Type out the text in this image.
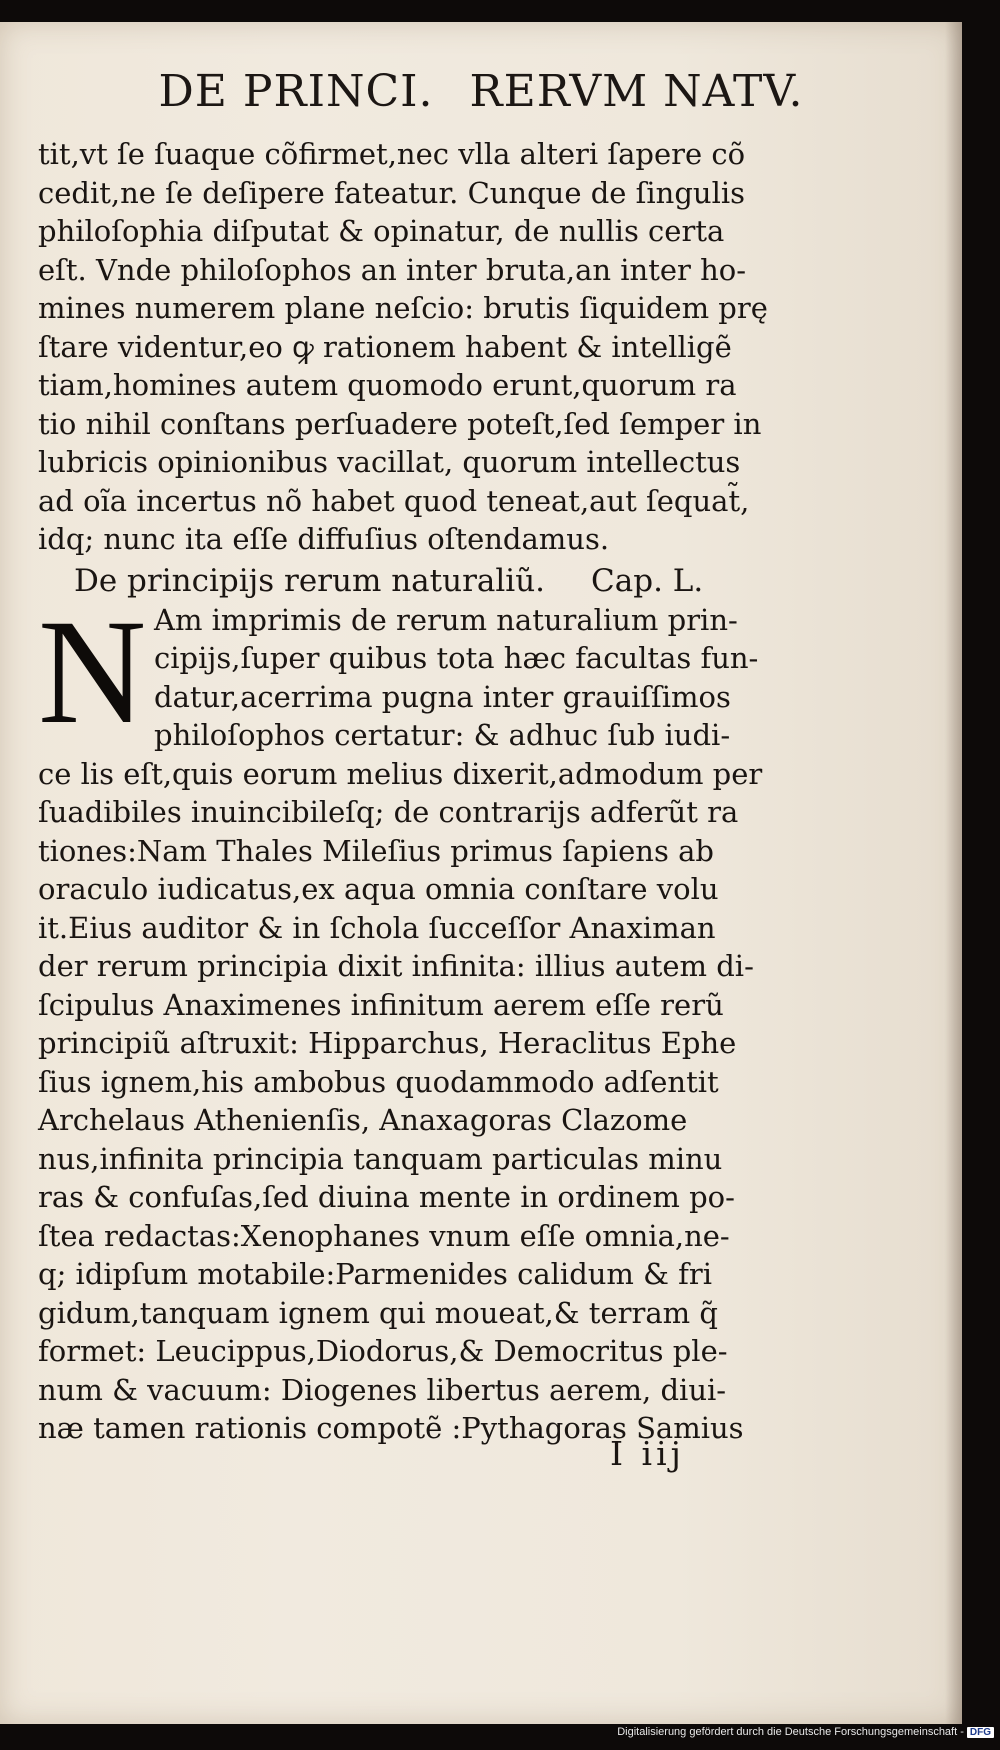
DE PRINCI. RERVM NATV.
tit,vt ſe ſuaque cõfirmet,nec vlla alteri ſapere cõ
cedit,ne ſe deſipere fateatur. Cunque de ſingulis
philoſophia diſputat & opinatur, de nullis certa
eſt. Vnde philoſophos an inter bruta,an inter ho-
mines numerem plane neſcio: brutis ſiquidem prę
ſtare videntur,eo ꝙ rationem habent & intelligẽ
tiam,homines autem quomodo erunt,quorum ra
tio nihil conſtans perſuadere poteſt,ſed ſemper in
lubricis opinionibus vacillat, quorum intellectus
ad oĩa incertus nõ habet quod teneat,aut ſequat̃,
idq; nunc ita eſſe diffuſius oſtendamus.
De principijs rerum naturaliũ. Cap. L.
N Am imprimis de rerum naturalium prin-
cipijs,ſuper quibus tota hæc facultas fun-
datur,acerrima pugna inter grauiſſimos
philoſophos certatur: & adhuc ſub iudi-
ce lis eſt,quis eorum melius dixerit,admodum per
ſuadibiles inuincibileſq; de contrarijs adferũt ra
tiones:Nam Thales Mileſius primus ſapiens ab
oraculo iudicatus,ex aqua omnia conſtare volu
it.Eius auditor & in ſchola ſucceſſor Anaximan
der rerum principia dixit infinita: illius autem di-
ſcipulus Anaximenes infinitum aerem eſſe rerũ
principiũ aſtruxit: Hipparchus, Heraclitus Ephe
ſius ignem,his ambobus quodammodo adſentit
Archelaus Athenienſis, Anaxagoras Clazome
nus,infinita principia tanquam particulas minu
ras & confuſas,ſed diuina mente in ordinem po-
ſtea redactas:Xenophanes vnum eſſe omnia,ne-
q; idipſum motabile:Parmenides calidum & fri
gidum,tanquam ignem qui moueat,& terram q̃
formet: Leucippus,Diodorus,& Democritus ple-
num & vacuum: Diogenes libertus aerem, diui-
næ tamen rationis compotẽ :Pythagoras Samius
I iij
Digitalisierung gefördert durch die Deutsche Forschungsgemeinschaft - DFG
